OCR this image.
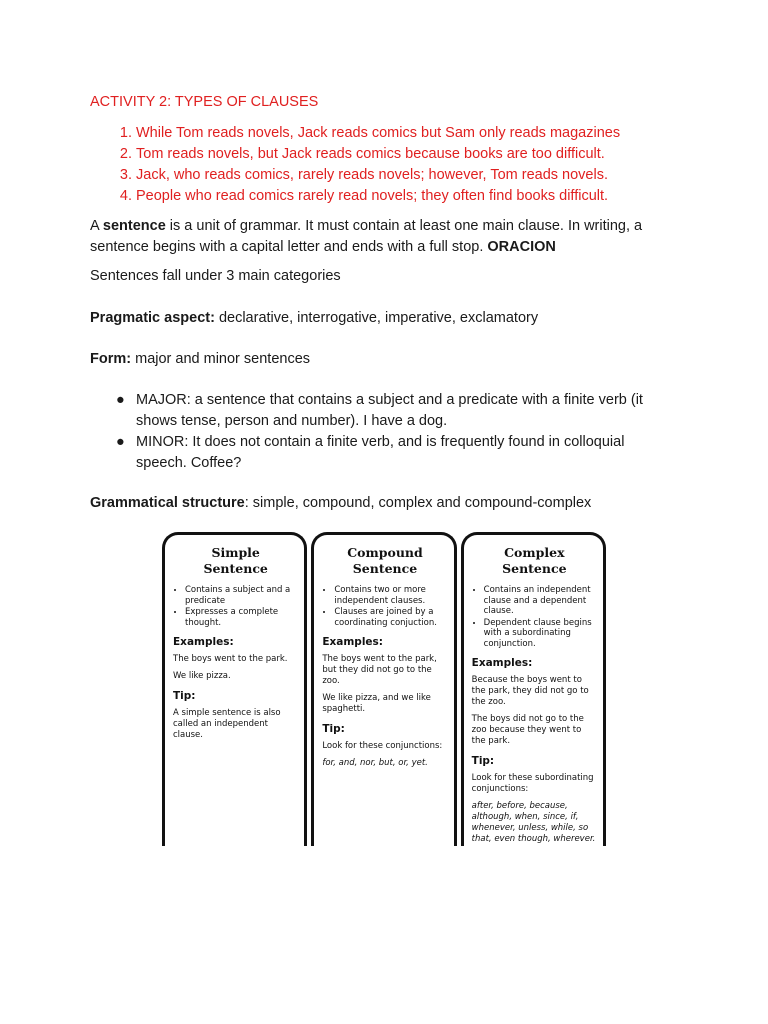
ACTIVITY 2: TYPES OF CLAUSES
1. While Tom reads novels, Jack reads comics but Sam only reads magazines
2. Tom reads novels, but Jack reads comics because books are too difficult.
3. Jack, who reads comics, rarely reads novels; however, Tom reads novels.
4. People who read comics rarely read novels; they often find books difficult.

A sentence is a unit of grammar. It must contain at least one main clause. In writing, a sentence begins with a capital letter and ends with a full stop. ORACION

Sentences fall under 3 main categories

Pragmatic aspect: declarative, interrogative, imperative, exclamatory

Form: major and minor sentences

● MAJOR: a sentence that contains a subject and a predicate with a finite verb (it shows tense, person and number). I have a dog.
● MINOR: It does not contain a finite verb, and is frequently found in colloquial speech. Coffee?

Grammatical structure: simple, compound, complex and compound-complex

Simple
Sentence
• Contains a subject and a predicate
• Expresses a complete thought.
Examples:

The boys went to the park.

We like pizza.

Tip:

A simple sentence is also called an independent clause.

Compound
Sentence
• Contains two or more independent clauses.
• Clauses are joined by a coordinating conjuction.
Examples:

The boys went to the park, but they did not go to the zoo.

We like pizza, and we like spaghetti.

Tip:

Look for these conjunctions:

for, and, nor, but, or, yet.

Complex
Sentence
• Contains an independent clause and a dependent clause.
• Dependent clause begins with a subordinating conjunction.
Examples:

Because the boys went to the park, they did not go to the zoo.

The boys did not go to the zoo because they went to the park.

Tip:

Look for these subordinating conjunctions:

after, before, because, although, when, since, if, whenever, unless, while, so that, even though, wherever.
